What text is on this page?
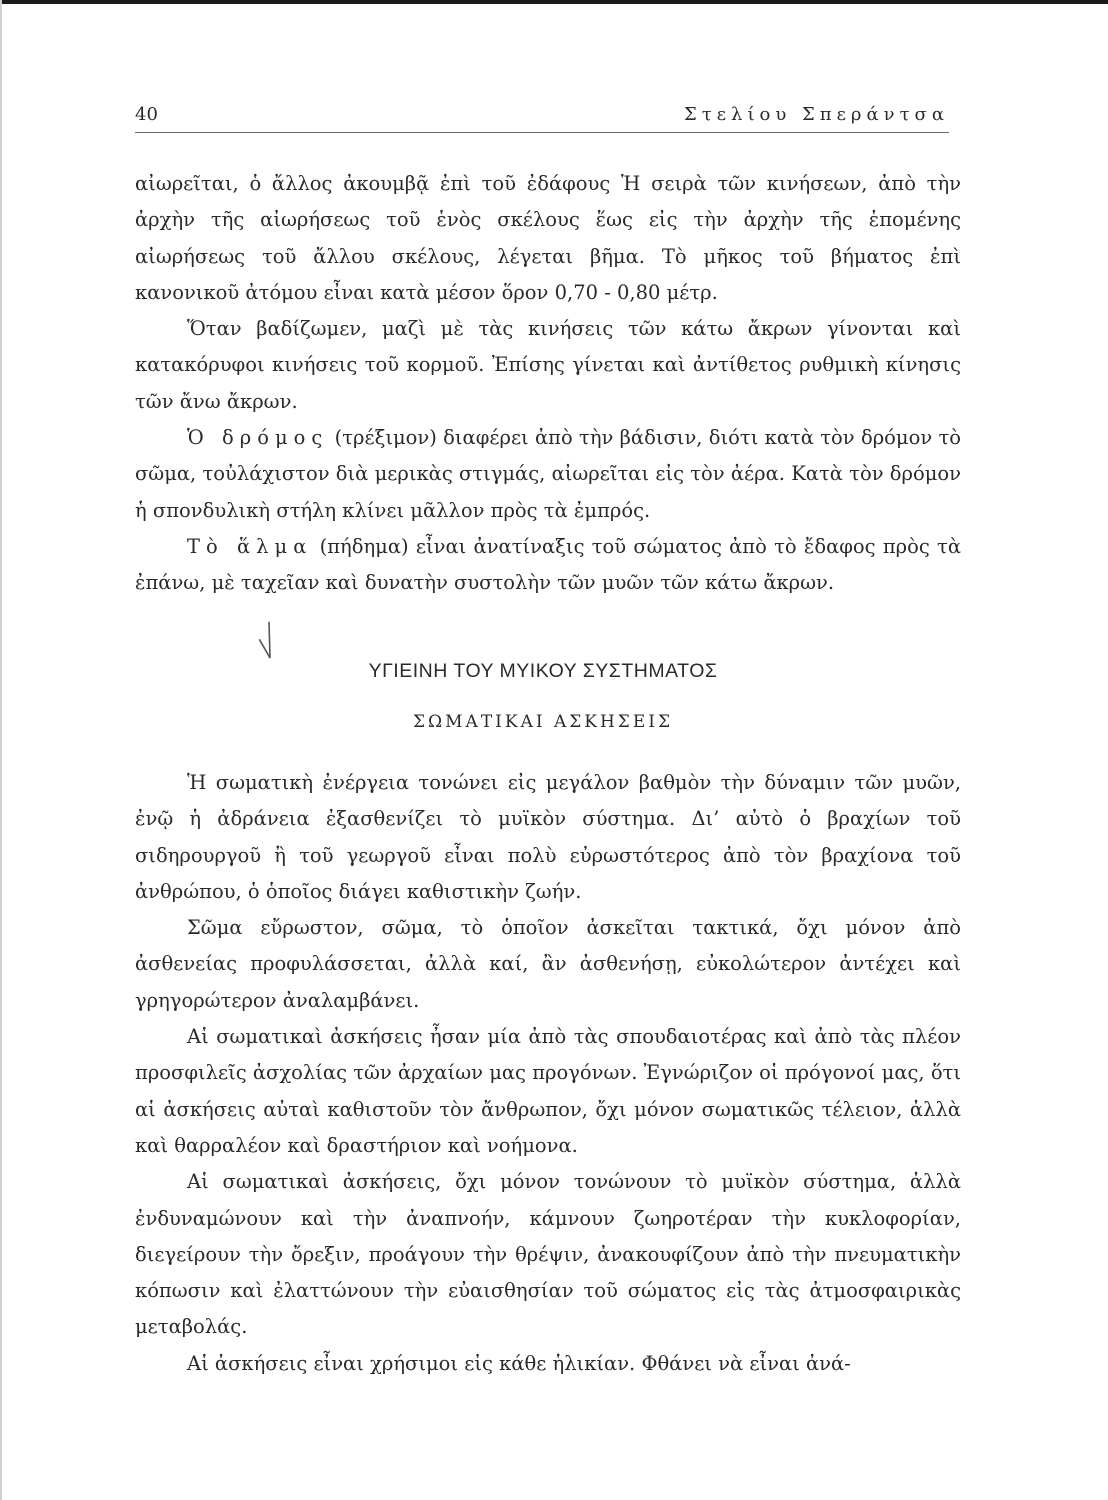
40	Στελίου Σπεράντσα

αἰωρεῖται, ὁ ἄλλος ἀκουμβᾷ ἐπὶ τοῦ ἐδάφους Ἡ σειρὰ τῶν κινήσεων, ἀπὸ τὴν ἀρχὴν τῆς αἰωρήσεως τοῦ ἑνὸς σκέλους ἕως εἰς τὴν ἀρχὴν τῆς ἑπομένης αἰωρήσεως τοῦ ἄλλου σκέλους, λέγεται βῆμα. Τὸ μῆκος τοῦ βήματος ἐπὶ κανονικοῦ ἀτόμου εἶναι κατὰ μέσον ὅρον 0,70 - 0,80 μέτρ.

Ὅταν βαδίζωμεν, μαζὶ μὲ τὰς κινήσεις τῶν κάτω ἄκρων γίνονται καὶ κατακόρυφοι κινήσεις τοῦ κορμοῦ. Ἐπίσης γίνεται καὶ ἀντίθετος ρυθμικὴ κίνησις τῶν ἄνω ἄκρων.

Ὁ δρόμος (τρέξιμον) διαφέρει ἀπὸ τὴν βάδισιν, διότι κατὰ τὸν δρόμον τὸ σῶμα, τοὐλάχιστον διὰ μερικὰς στιγμάς, αἰωρεῖται εἰς τὸν ἀέρα. Κατὰ τὸν δρόμον ἡ σπονδυλικὴ στήλη κλίνει μᾶλλον πρὸς τὰ ἐμπρός.

Τὸ ἅλμα (πήδημα) εἶναι ἀνατίναξις τοῦ σώματος ἀπὸ τὸ ἔδαφος πρὸς τὰ ἐπάνω, μὲ ταχεῖαν καὶ δυνατὴν συστολὴν τῶν μυῶν τῶν κάτω ἄκρων.

ΥΓΙΕΙΝΗ ΤΟΥ ΜΥΙΚΟΥ ΣΥΣΤΗΜΑΤΟΣ
ΣΩΜΑΤΙΚΑΙ ΑΣΚΗΣΕΙΣ

Ἡ σωματικὴ ἐνέργεια τονώνει εἰς μεγάλον βαθμὸν τὴν δύναμιν τῶν μυῶν, ἐνῷ ἡ ἀδράνεια ἐξασθενίζει τὸ μυϊκὸν σύστημα. Δι’ αὐτὸ ὁ βραχίων τοῦ σιδηρουργοῦ ἢ τοῦ γεωργοῦ εἶναι πολὺ εὐρωστότερος ἀπὸ τὸν βραχίονα τοῦ ἀνθρώπου, ὁ ὁποῖος διάγει καθιστικὴν ζωήν.

Σῶμα εὔρωστον, σῶμα, τὸ ὁποῖον ἀσκεῖται τακτικά, ὄχι μόνον ἀπὸ ἀσθενείας προφυλάσσεται, ἀλλὰ καί, ἂν ἀσθενήσῃ, εὐκολώτερον ἀντέχει καὶ γρηγορώτερον ἀναλαμβάνει.

Αἱ σωματικαὶ ἀσκήσεις ἦσαν μία ἀπὸ τὰς σπουδαιοτέρας καὶ ἀπὸ τὰς πλέον προσφιλεῖς ἀσχολίας τῶν ἀρχαίων μας προγόνων. Ἐγνώριζον οἱ πρόγονοί μας, ὅτι αἱ ἀσκήσεις αὐταὶ καθιστοῦν τὸν ἄνθρωπον, ὄχι μόνον σωματικῶς τέλειον, ἀλλὰ καὶ θαρραλέον καὶ δραστήριον καὶ νοήμονα.

Αἱ σωματικαὶ ἀσκήσεις, ὄχι μόνον τονώνουν τὸ μυϊκὸν σύστημα, ἀλλὰ ἐνδυναμώνουν καὶ τὴν ἀναπνοήν, κάμνουν ζωηροτέραν τὴν κυκλοφορίαν, διεγείρουν τὴν ὄρεξιν, προάγουν τὴν θρέψιν, ἀνακουφίζουν ἀπὸ τὴν πνευματικὴν κόπωσιν καὶ ἐλαττώνουν τὴν εὐαισθησίαν τοῦ σώματος εἰς τὰς ἀτμοσφαιρικὰς μεταβολάς.

Αἱ ἀσκήσεις εἶναι χρήσιμοι εἰς κάθε ἡλικίαν. Φθάνει νὰ εἶναι ἀνά-
